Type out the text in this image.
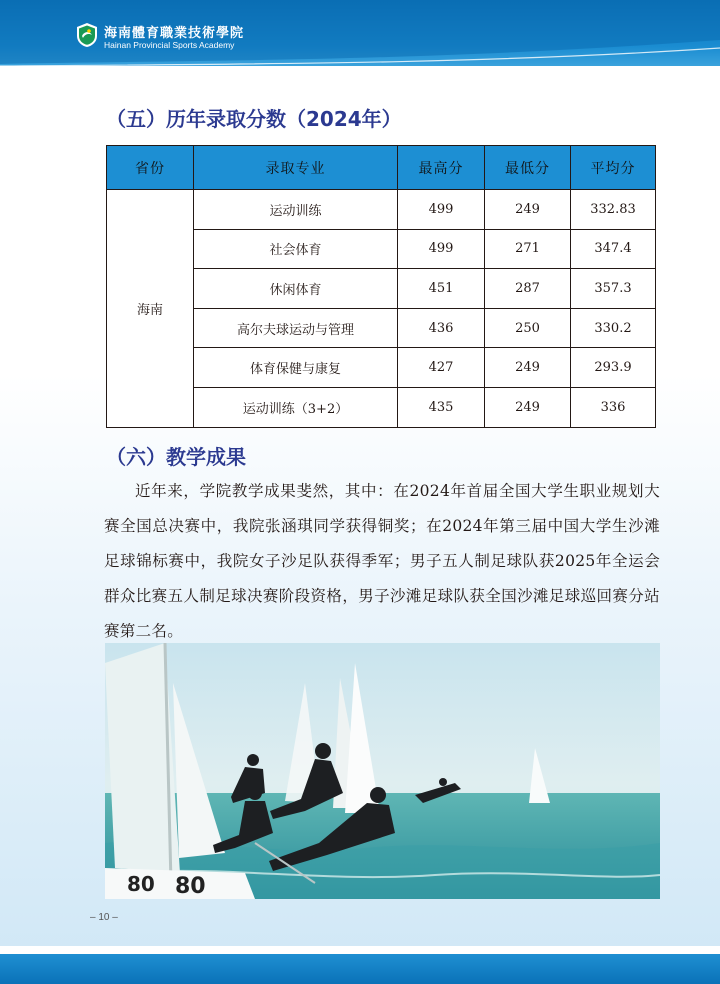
海南體育職業技術學院
Hainan Provincial Sports Academy
（五）历年录取分数（2024年）
省份	录取专业	最高分	最低分	平均分
海南	运动训练	499	249	332.83
	社会体育	499	271	347.4
	休闲体育	451	287	357.3
	高尔夫球运动与管理	436	250	330.2
	体育保健与康复	427	249	293.9
	运动训练（3+2）	435	249	336
（六）教学成果

近年来，学院教学成果斐然，其中：在2024年首届全国大学生职业规划大赛全国总决赛中，我院张涵琪同学获得铜奖；在2024年第三届中国大学生沙滩足球锦标赛中，我院女子沙足队获得季军；男子五人制足球队获2025年全运会群众比赛五人制足球决赛阶段资格，男子沙滩足球队获全国沙滩足球巡回赛分站赛第二名。

80 80
– 10 –
